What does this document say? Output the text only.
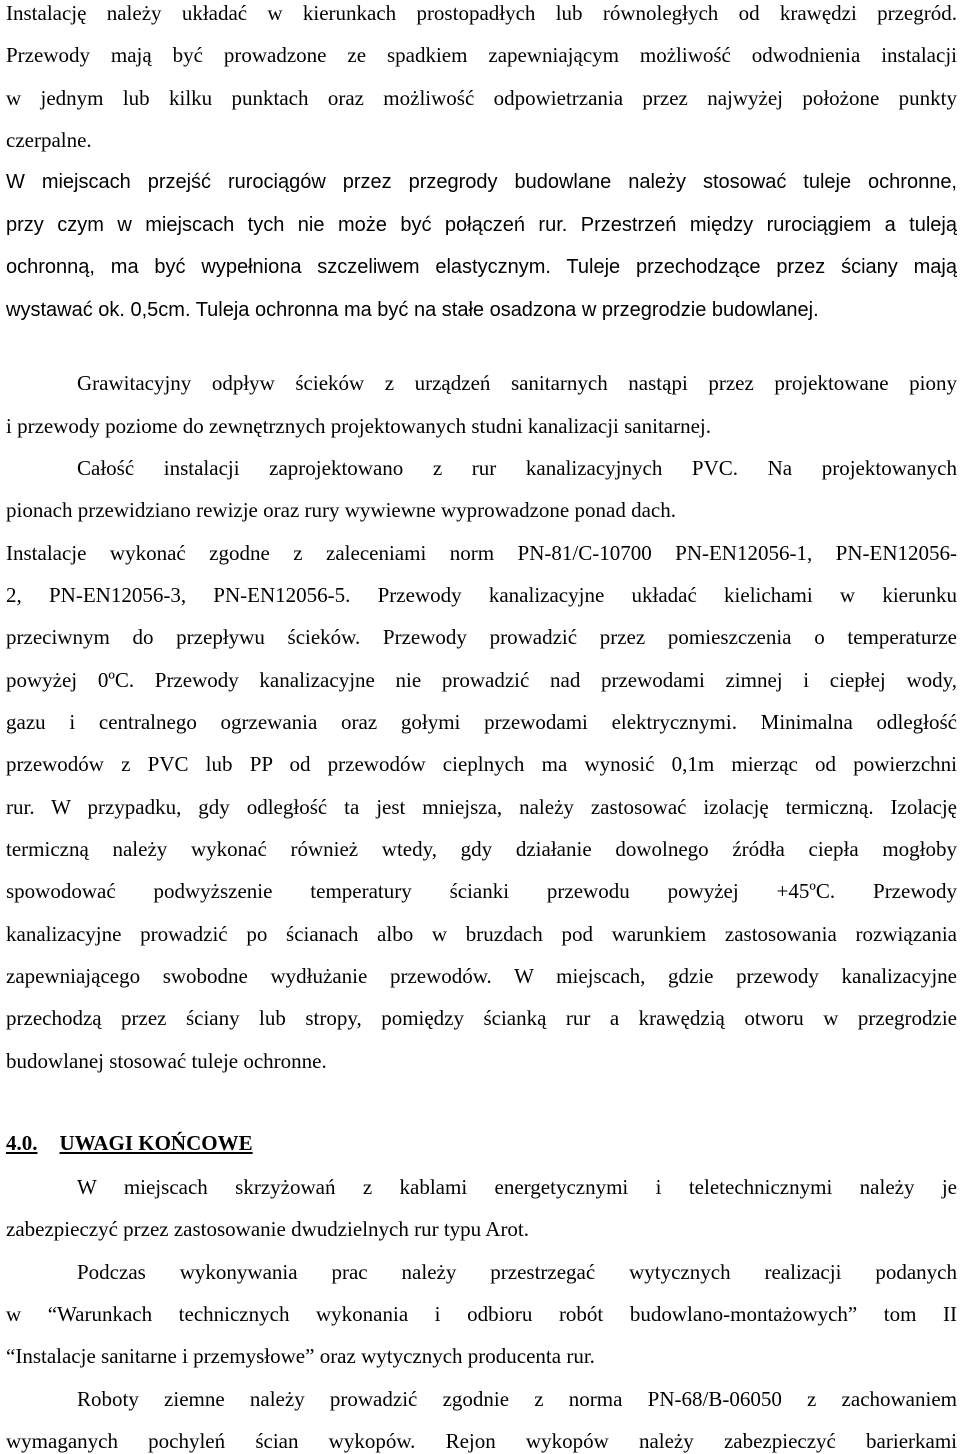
Instalację należy układać w kierunkach prostopadłych lub równoległych od krawędzi przegród.
Przewody mają być prowadzone ze spadkiem zapewniającym możliwość odwodnienia instalacji
w jednym lub kilku punktach oraz możliwość odpowietrzania przez najwyżej położone punkty
czerpalne.
W miejscach przejść rurociągów przez przegrody budowlane należy stosować tuleje ochronne,
przy czym w miejscach tych nie może być połączeń rur. Przestrzeń między rurociągiem a tuleją
ochronną, ma być wypełniona szczeliwem elastycznym. Tuleje przechodzące przez ściany mają
wystawać ok. 0,5cm. Tuleja ochronna ma być na stałe osadzona w przegrodzie budowlanej.
Grawitacyjny odpływ ścieków z urządzeń sanitarnych nastąpi przez projektowane piony
i przewody poziome do zewnętrznych projektowanych studni kanalizacji sanitarnej.
Całość instalacji zaprojektowano z rur kanalizacyjnych PVC. Na projektowanych
pionach przewidziano rewizje oraz rury wywiewne wyprowadzone ponad dach.
Instalacje wykonać zgodne z zaleceniami norm PN-81/C-10700 PN-EN12056-1, PN-EN12056-
2, PN-EN12056-3, PN-EN12056-5. Przewody kanalizacyjne układać kielichami w kierunku
przeciwnym do przepływu ścieków. Przewody prowadzić przez pomieszczenia o temperaturze
powyżej 0ºC. Przewody kanalizacyjne nie prowadzić nad przewodami zimnej i ciepłej wody,
gazu i centralnego ogrzewania oraz gołymi przewodami elektrycznymi. Minimalna odległość
przewodów z PVC lub PP od przewodów cieplnych ma wynosić 0,1m mierząc od powierzchni
rur. W przypadku, gdy odległość ta jest mniejsza, należy zastosować izolację termiczną. Izolację
termiczną należy wykonać również wtedy, gdy działanie dowolnego źródła ciepła mogłoby
spowodować podwyższenie temperatury ścianki przewodu powyżej +45ºC. Przewody
kanalizacyjne prowadzić po ścianach albo w bruzdach pod warunkiem zastosowania rozwiązania
zapewniającego swobodne wydłużanie przewodów. W miejscach, gdzie przewody kanalizacyjne
przechodzą przez ściany lub stropy, pomiędzy ścianką rur a krawędzią otworu w przegrodzie
budowlanej stosować tuleje ochronne.
4.0. UWAGI KOŃCOWE
W miejscach skrzyżowań z kablami energetycznymi i teletechnicznymi należy je
zabezpieczyć przez zastosowanie dwudzielnych rur typu Arot.
Podczas wykonywania prac należy przestrzegać wytycznych realizacji podanych
w “Warunkach technicznych wykonania i odbioru robót budowlano-montażowych” tom II
“Instalacje sanitarne i przemysłowe” oraz wytycznych producenta rur.
Roboty ziemne należy prowadzić zgodnie z norma PN-68/B-06050 z zachowaniem
wymaganych pochyleń ścian wykopów. Rejon wykopów należy zabezpieczyć barierkami
